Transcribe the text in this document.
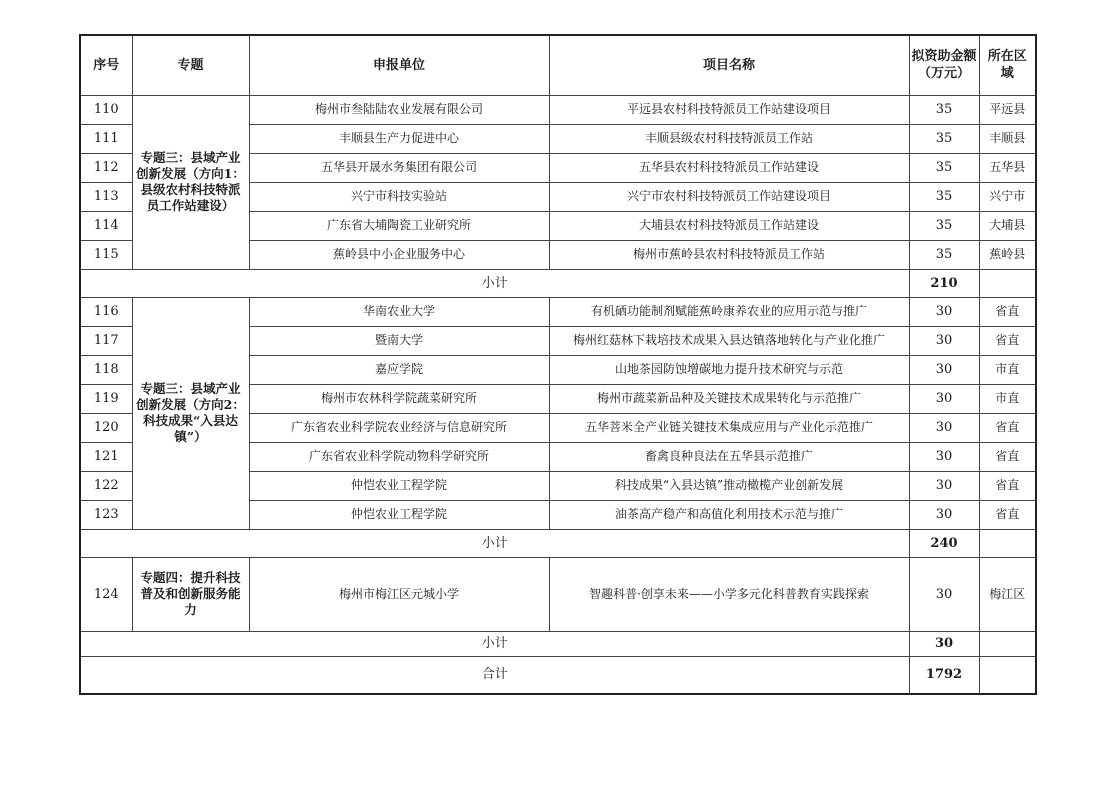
序号	专题	申报单位	项目名称	拟资助金额（万元）	所在区域
110	专题三：县域产业创新发展（方向1：县级农村科技特派员工作站建设）	梅州市叁陆陆农业发展有限公司	平远县农村科技特派员工作站建设项目	35	平远县
111		丰顺县生产力促进中心	丰顺县级农村科技特派员工作站	35	丰顺县
112		五华县开晟水务集团有限公司	五华县农村科技特派员工作站建设	35	五华县
113		兴宁市科技实验站	兴宁市农村科技特派员工作站建设项目	35	兴宁市
114		广东省大埔陶瓷工业研究所	大埔县农村科技特派员工作站建设	35	大埔县
115		蕉岭县中小企业服务中心	梅州市蕉岭县农村科技特派员工作站	35	蕉岭县
小计				210	
116	专题三：县域产业创新发展（方向2：科技成果“入县达镇”）	华南农业大学	有机硒功能制剂赋能蕉岭康养农业的应用示范与推广	30	省直
117		暨南大学	梅州红菇林下栽培技术成果入县达镇落地转化与产业化推广	30	省直
118		嘉应学院	山地茶园防蚀增碳地力提升技术研究与示范	30	市直
119		梅州市农林科学院蔬菜研究所	梅州市蔬菜新品种及关键技术成果转化与示范推广	30	市直
120		广东省农业科学院农业经济与信息研究所	五华菩米全产业链关键技术集成应用与产业化示范推广	30	省直
121		广东省农业科学院动物科学研究所	畜禽良种良法在五华县示范推广	30	省直
122		仲恺农业工程学院	科技成果“入县达镇”推动橄榄产业创新发展	30	省直
123		仲恺农业工程学院	油茶高产稳产和高值化利用技术示范与推广	30	省直
小计				240	
124	专题四：提升科技普及和创新服务能力	梅州市梅江区元城小学	智趣科普·创享未来——小学多元化科普教育实践探索	30	梅江区
小计				30	
合计				1792	
